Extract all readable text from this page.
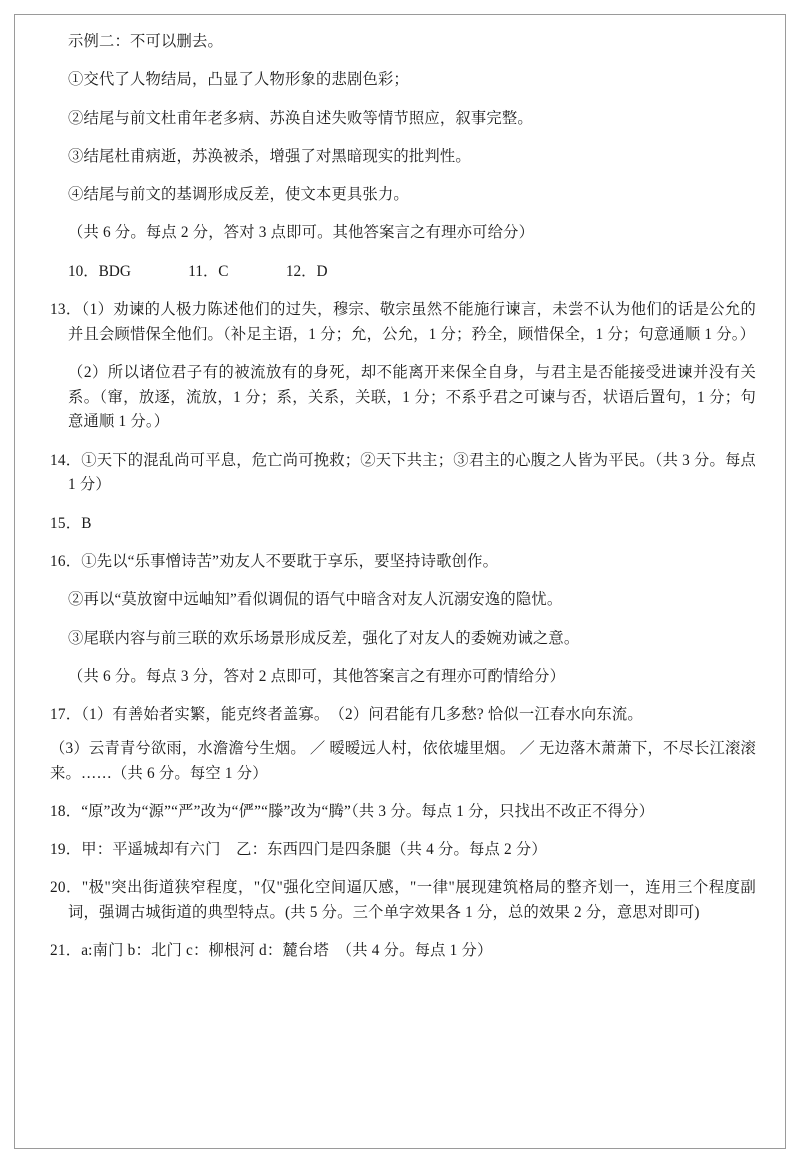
示例二：不可以删去。

①交代了人物结局，凸显了人物形象的悲剧色彩；

②结尾与前文杜甫年老多病、苏涣自述失败等情节照应，叙事完整。

③结尾杜甫病逝，苏涣被杀，增强了对黑暗现实的批判性。

④结尾与前文的基调形成反差，使文本更具张力。

（共 6 分。每点 2 分，答对 3 点即可。其他答案言之有理亦可给分）

10．BDG               11．C               12．D

13．（1）劝谏的人极力陈述他们的过失，穆宗、敬宗虽然不能施行谏言，未尝不认为他们的话是公允的并且会顾惜保全他们。（补足主语，1 分；允，公允，1 分；矜全，顾惜保全，1 分；句意通顺 1 分。）

（2）所以诸位君子有的被流放有的身死，却不能离开来保全自身，与君主是否能接受进谏并没有关系。（窜，放逐，流放，1 分；系，关系，关联，1 分；不系乎君之可谏与否，状语后置句，1 分；句意通顺 1 分。）

14．①天下的混乱尚可平息，危亡尚可挽救；②天下共主；③君主的心腹之人皆为平民。（共 3 分。每点 1 分）

15．B

16．①先以“乐事憎诗苦”劝友人不要耽于享乐，要坚持诗歌创作。

②再以“莫放窗中远岫知”看似调侃的语气中暗含对友人沉溺安逸的隐忧。

③尾联内容与前三联的欢乐场景形成反差，强化了对友人的委婉劝诫之意。

（共 6 分。每点 3 分，答对 2 点即可，其他答案言之有理亦可酌情给分）

17．（1）有善始者实繁，能克终者盖寡。　（2）问君能有几多愁? 恰似一江春水向东流。

（3）云青青兮欲雨，水澹澹兮生烟。 ／ 暧暧远人村，依依墟里烟。 ／ 无边落木萧萧下，不尽长江滚滚来。……（共 6 分。每空 1 分）

18．“原”改为“源”“严”改为“俨”“滕”改为“腾”（共 3 分。每点 1 分，只找出不改正不得分）

19．甲：平遥城却有六门　乙：东西四门是四条腿（共 4 分。每点 2 分）

20．"极"突出街道狭窄程度，"仅"强化空间逼仄感，"一律"展现建筑格局的整齐划一，连用三个程度副词，强调古城街道的典型特点。(共 5 分。三个单字效果各 1 分，总的效果 2 分，意思对即可)

21．a:南门 b：北门 c：柳根河 d：麓台塔　（共 4 分。每点 1 分）
